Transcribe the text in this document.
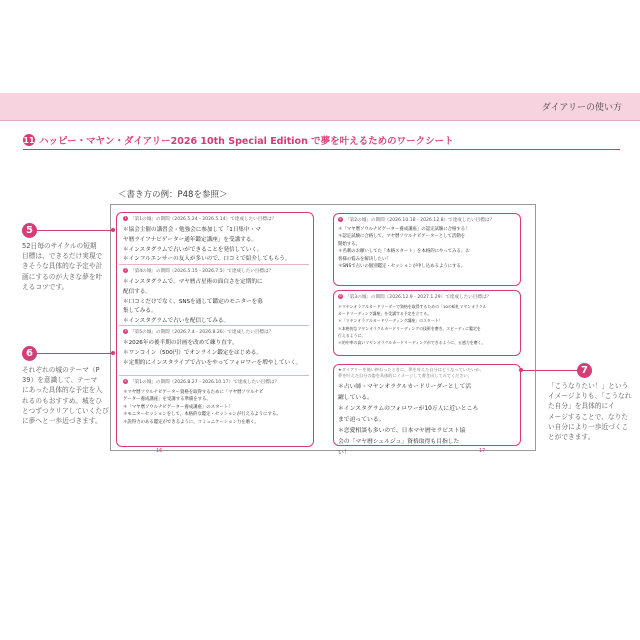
ダイアリーの使い方
11 ハッピー・マヤン・ダイアリー2026 10th Special Edition で夢を叶えるためのワークシート
＜書き方の例：P48を参照＞
1 「第1の城」の期間（2026.5.24 - 2026.5.14）で達成したい目標は？
＊協会主催の講習会・勉強会に参加して「1日集中・マ
ヤ暦ライフナビゲーター通年鑑定講座」を受講する。
＊インスタグラムで占いができることを発信していく。
＊インフルエンサーの友人が多いので、口コミで紹介してもらう。
2 「第4の城」の期間（2026.5.15 - 2026.7.5）で達成したい目標は？
＊インスタグラムで、マヤ暦占星術の面白さを定期的に
配信する。
＊口コミだけでなく、SNSを通して鑑定のモニターを募
集してみる。
＊インスタグラムで占いを配信してみる。
3 「第5の城」の期間（2026.7.4 - 2026.8.26）で達成したい目標は？
＊2026年の後半期の計画を改めて練り直す。
＊ワンコイン（500円）でオンライン鑑定をはじめる。
＊定期的にインスタライブで占いをやってフォロワーを増やしていく。
4 「第1の城」の期間（2026.8.27 - 2026.10.17）で達成したい目標は？
＊マヤ暦ソウルナビゲーター資格を取得するために「マヤ暦ソウルナビ
ゲーター養成講座」を受講する準備をする。
＊「マヤ暦ソウルナビゲーター養成講座」のスタート！
＊モニターセッションをして、本格的な鑑定・セッションが行えるようにする。
＊説得力のある鑑定ができるように、コミュニケーション力を磨く。
5 「第2の城」の期間（2026.10.18 - 2026.12.8）で達成したい目標は？
＊「マヤ暦ソウルナビゲーター養成講座」の認定試験に合格する！
＊認定試験に合格して、マヤ暦ソウルナビゲーターとして活動を
開始する。
＊名刺のお願いしてた「本格スタート」を本格的にやってみる。お
客様の悩みを解決したい！
＊SNSで占いの個別鑑定・セッションが申し込めるようにする。
6 「第3の城」の期間（2026.12.9 - 2027.1.29）で達成したい目標は？
＊マヤンオラクルカードリーダーで資格を取得するための「10の絵札マヤンオラクル
カードリーディング講座」を受講する予定を立てる。
＊「マヤンオラクルカードリーディング講座」のスタート！
＊本格的なマヤンオラクルカードリーディングの技術を磨き、スピーディに鑑定を
行えるように。
＊的中率の高いマヤンオラクルカードリーディングができるように、五感力を磨く。
★ダイアリーを使い終わったときに、夢を叶えた自分はどうなっていたいか、
夢を叶えた自分の姿を具体的にイメージして書き出してみてください。
＊占い師・マヤンオラクルカードリーダーとして活
躍している。
＊インスタグラムのフォロワーが10万人に近いところ
まで迫っている。
＊恋愛相談も多いので、日本マヤ暦セラピスト協
会の「マヤ暦シェルジュ」資格取得も目指した
い！
5
52日毎のサイクルの短期
目標は、できるだけ実現で
きそうな具体的な予定や計
画にするのが大きな夢を叶
えるコツです。
6
それぞれの城のテーマ（P
39）を意識して、テーマ
にあった具体的な予定を入
れるのもおすすめ。城をひ
とつずつクリアしていくたび
に夢へと一歩近づきます。
7
「こうなりたい！」という
イメージよりも、「こうなれ
た自分」を具体的にイ
メージすることで、なりた
い自分により一歩近づくこ
とができます。
16	17
